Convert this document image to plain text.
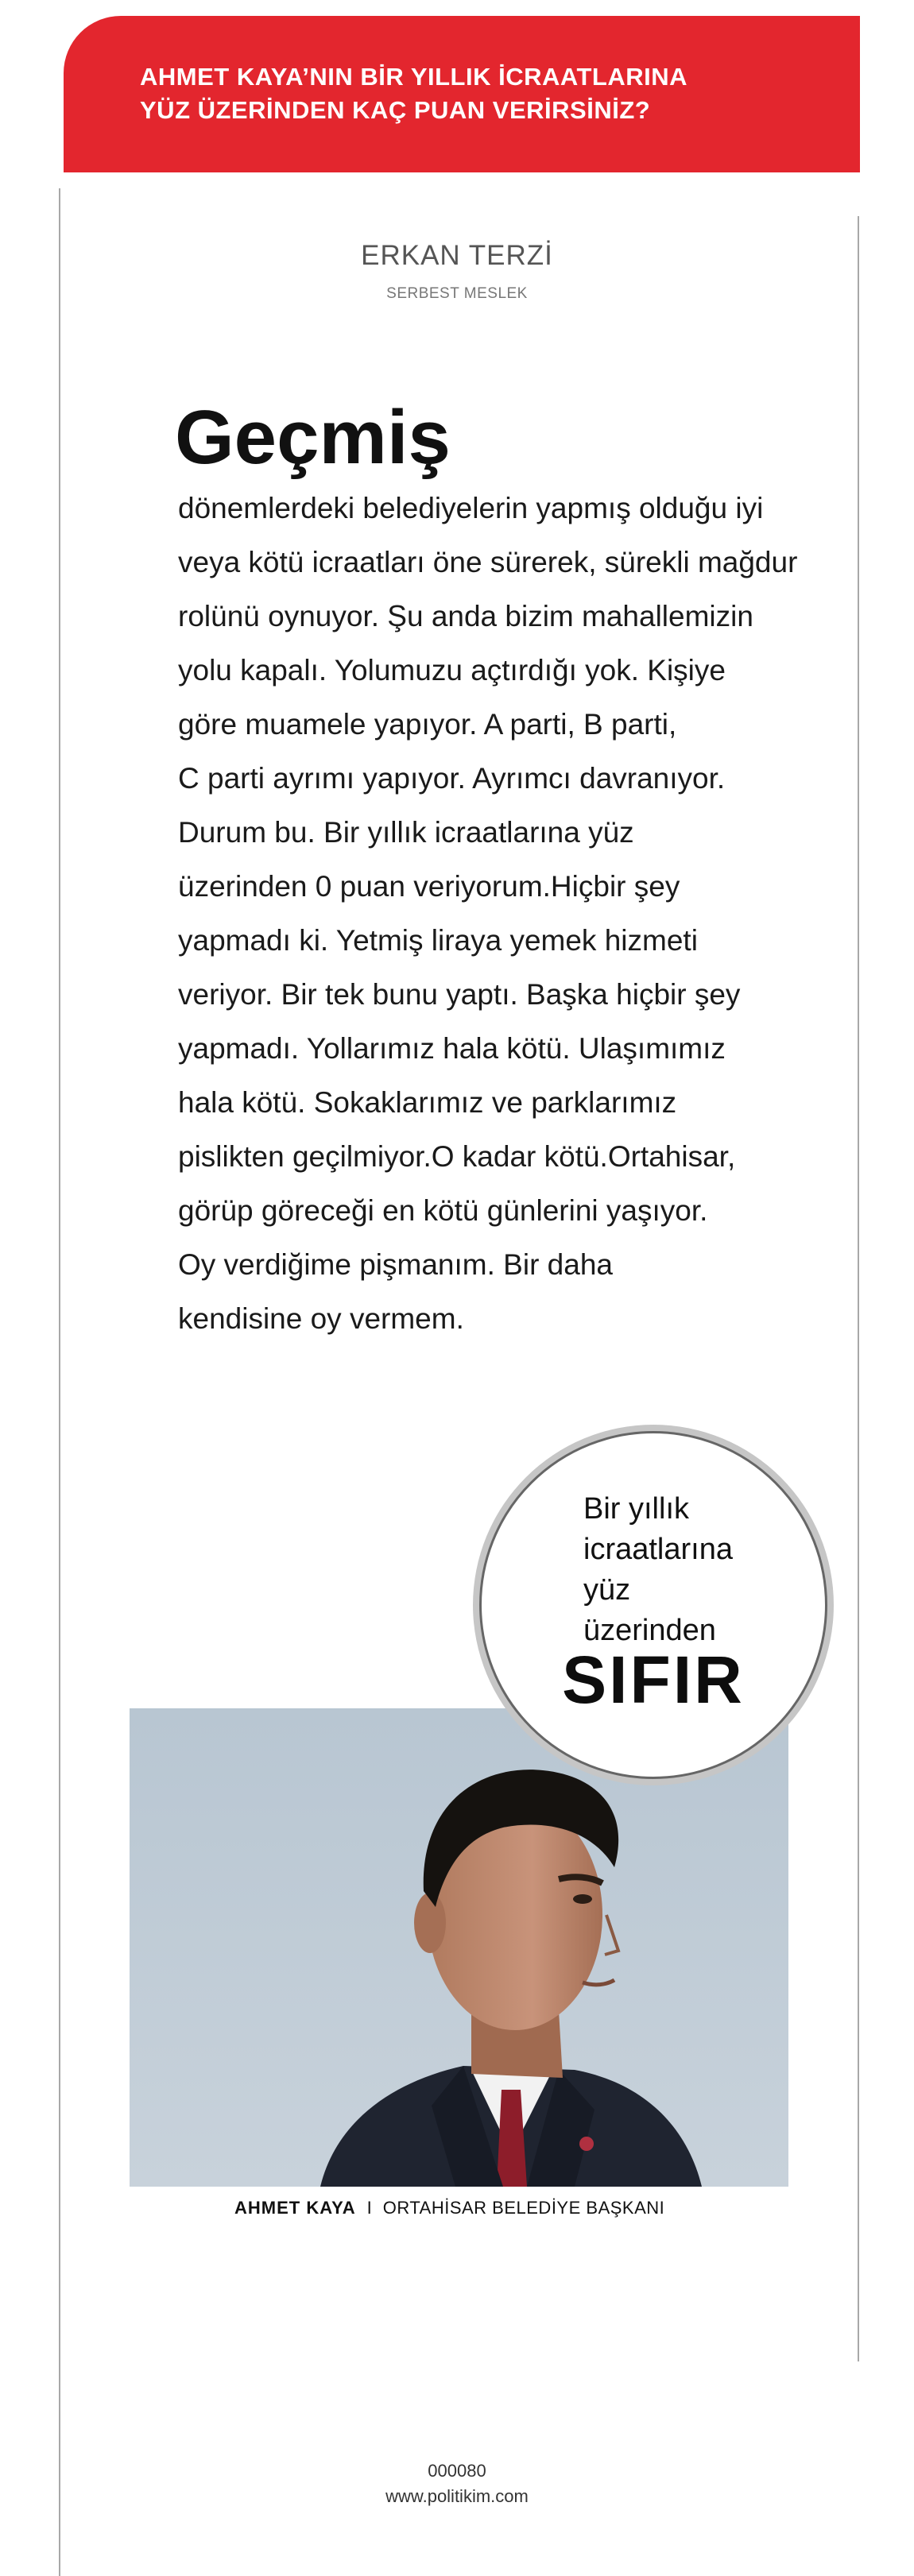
AHMET KAYA’NIN BİR YILLIK İCRAATLARINA
YÜZ ÜZERİNDEN KAÇ PUAN VERİRSİNİZ?
ERKAN TERZİ
SERBEST MESLEK
Geçmiş
dönemlerdeki belediyelerin yapmış olduğu iyi
veya kötü icraatları öne sürerek, sürekli mağdur
rolünü oynuyor. Şu anda bizim mahallemizin
yolu kapalı. Yolumuzu açtırdığı yok. Kişiye
göre muamele yapıyor. A parti, B parti,
C parti ayrımı yapıyor. Ayrımcı davranıyor.
Durum bu. Bir yıllık icraatlarına yüz
üzerinden 0 puan veriyorum.Hiçbir şey
yapmadı ki. Yetmiş liraya yemek hizmeti
veriyor. Bir tek bunu yaptı. Başka hiçbir şey
yapmadı. Yollarımız hala kötü. Ulaşımımız
hala kötü. Sokaklarımız ve parklarımız
pislikten geçilmiyor.O kadar kötü.Ortahisar,
görüp göreceği en kötü günlerini yaşıyor.
Oy verdiğime pişmanım. Bir daha
kendisine oy vermem.
Bir yıllık
icraatlarına
yüz
üzerinden
SIFIR
AHMET KAYA I ORTAHİSAR BELEDİYE BAŞKANI
000080
www.politikim.com
